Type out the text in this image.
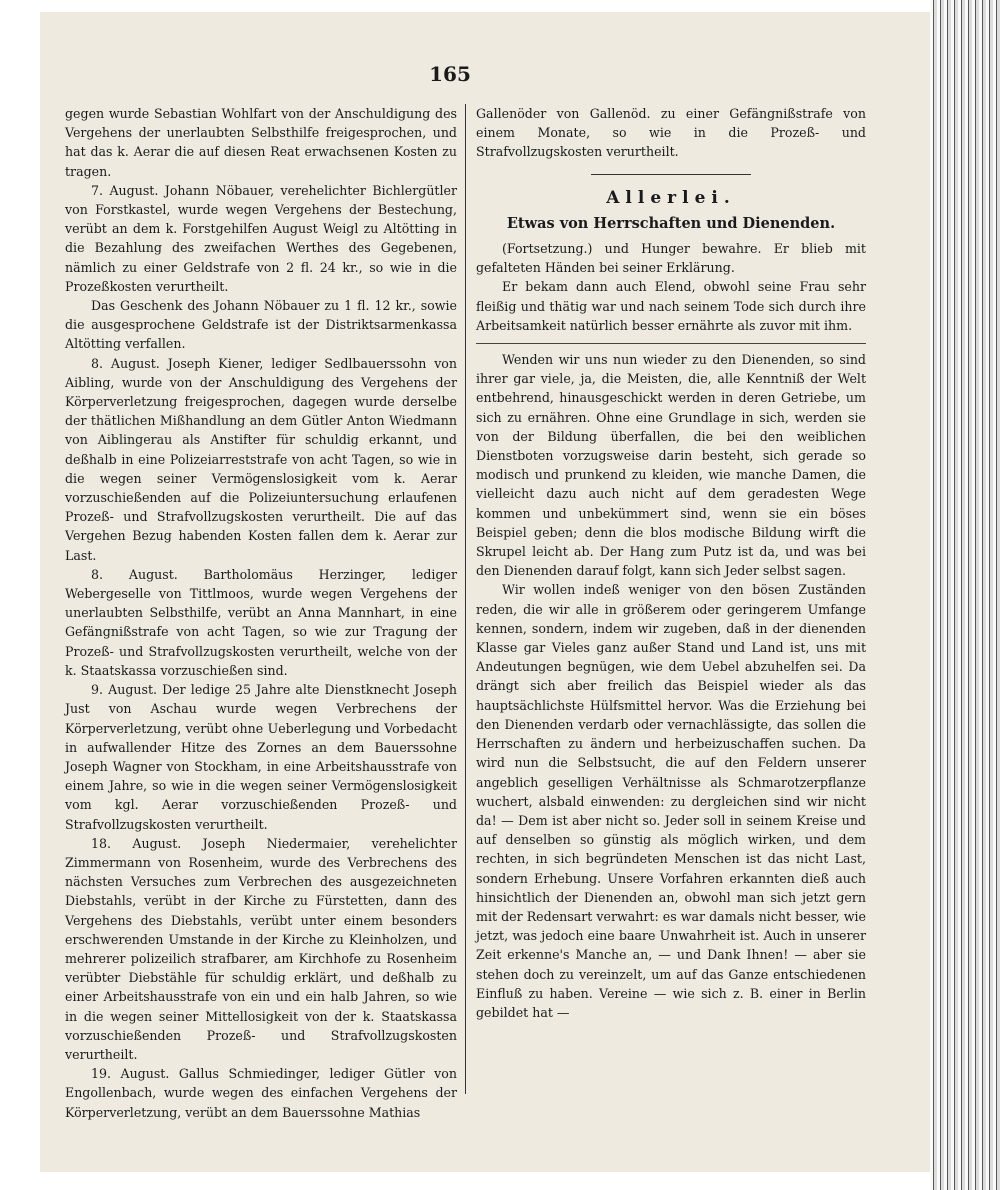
165

gegen wurde Sebastian Wohlfart von der Anschuldigung des Vergehens der unerlaubten Selbsthilfe freigesprochen, und hat das k. Aerar die auf diesen Reat erwachsenen Kosten zu tragen.

7. August. Johann Nöbauer, verehelichter Bichlergütler von Forstkastel, wurde wegen Vergehens der Bestechung, verübt an dem k. Forstgehilfen August Weigl zu Altötting in die Bezahlung des zweifachen Werthes des Gegebenen, nämlich zu einer Geldstrafe von 2 fl. 24 kr., so wie in die Prozeßkosten verurtheilt.

Das Geschenk des Johann Nöbauer zu 1 fl. 12 kr., sowie die ausgesprochene Geldstrafe ist der Distriktsarmenkassa Altötting verfallen.

8. August. Joseph Kiener, lediger Sedlbauerssohn von Aibling, wurde von der Anschuldigung des Vergehens der Körperverletzung freigesprochen, dagegen wurde derselbe der thätlichen Mißhandlung an dem Gütler Anton Wiedmann von Aiblingerau als Anstifter für schuldig erkannt, und deßhalb in eine Polizeiarreststrafe von acht Tagen, so wie in die wegen seiner Vermögenslosigkeit vom k. Aerar vorzuschießenden auf die Polizeiuntersuchung erlaufenen Prozeß- und Strafvollzugskosten verurtheilt. Die auf das Vergehen Bezug habenden Kosten fallen dem k. Aerar zur Last.

8. August. Bartholomäus Herzinger, lediger Webergeselle von Tittlmoos, wurde wegen Vergehens der unerlaubten Selbsthilfe, verübt an Anna Mannhart, in eine Gefängnißstrafe von acht Tagen, so wie zur Tragung der Prozeß- und Strafvollzugskosten verurtheilt, welche von der k. Staatskassa vorzuschießen sind.

9. August. Der ledige 25 Jahre alte Dienstknecht Joseph Just von Aschau wurde wegen Verbrechens der Körperverletzung, verübt ohne Ueberlegung und Vorbedacht in aufwallender Hitze des Zornes an dem Bauerssohne Joseph Wagner von Stockham, in eine Arbeitshausstrafe von einem Jahre, so wie in die wegen seiner Vermögenslosigkeit vom kgl. Aerar vorzuschießenden Prozeß- und Strafvollzugskosten verurtheilt.

18. August. Joseph Niedermaier, verehelichter Zimmermann von Rosenheim, wurde des Verbrechens des nächsten Versuches zum Verbrechen des ausgezeichneten Diebstahls, verübt in der Kirche zu Fürstetten, dann des Vergehens des Diebstahls, verübt unter einem besonders erschwerenden Umstande in der Kirche zu Kleinholzen, und mehrerer polizeilich strafbarer, am Kirchhofe zu Rosenheim verübter Diebstähle für schuldig erklärt, und deßhalb zu einer Arbeitshausstrafe von ein und ein halb Jahren, so wie in die wegen seiner Mittellosigkeit von der k. Staatskassa vorzuschießenden Prozeß- und Strafvollzugskosten verurtheilt.

19. August. Gallus Schmiedinger, lediger Gütler von Engollenbach, wurde wegen des einfachen Vergehens der Körperverletzung, verübt an dem Bauerssohne Mathias

Gallenöder von Gallenöd. zu einer Gefängnißstrafe von einem Monate, so wie in die Prozeß- und Strafvollzugskosten verurtheilt.

Allerlei.
Etwas von Herrschaften und Dienenden.

(Fortsetzung.) und Hunger bewahre. Er blieb mit gefalteten Händen bei seiner Erklärung.

Er bekam dann auch Elend, obwohl seine Frau sehr fleißig und thätig war und nach seinem Tode sich durch ihre Arbeitsamkeit natürlich besser ernährte als zuvor mit ihm.

Wenden wir uns nun wieder zu den Dienenden, so sind ihrer gar viele, ja, die Meisten, die, alle Kenntniß der Welt entbehrend, hinausgeschickt werden in deren Getriebe, um sich zu ernähren. Ohne eine Grundlage in sich, werden sie von der Bildung überfallen, die bei den weiblichen Dienstboten vorzugsweise darin besteht, sich gerade so modisch und prunkend zu kleiden, wie manche Damen, die vielleicht dazu auch nicht auf dem geradesten Wege kommen und unbekümmert sind, wenn sie ein böses Beispiel geben; denn die blos modische Bildung wirft die Skrupel leicht ab. Der Hang zum Putz ist da, und was bei den Dienenden darauf folgt, kann sich Jeder selbst sagen.

Wir wollen indeß weniger von den bösen Zuständen reden, die wir alle in größerem oder geringerem Umfange kennen, sondern, indem wir zugeben, daß in der dienenden Klasse gar Vieles ganz außer Stand und Land ist, uns mit Andeutungen begnügen, wie dem Uebel abzuhelfen sei. Da drängt sich aber freilich das Beispiel wieder als das hauptsächlichste Hülfsmittel hervor. Was die Erziehung bei den Dienenden verdarb oder vernachlässigte, das sollen die Herrschaften zu ändern und herbeizuschaffen suchen. Da wird nun die Selbstsucht, die auf den Feldern unserer angeblich geselligen Verhältnisse als Schmarotzerpflanze wuchert, alsbald einwenden: zu dergleichen sind wir nicht da! — Dem ist aber nicht so. Jeder soll in seinem Kreise und auf denselben so günstig als möglich wirken, und dem rechten, in sich begründeten Menschen ist das nicht Last, sondern Erhebung. Unsere Vorfahren erkannten dieß auch hinsichtlich der Dienenden an, obwohl man sich jetzt gern mit der Redensart verwahrt: es war damals nicht besser, wie jetzt, was jedoch eine baare Unwahrheit ist. Auch in unserer Zeit erkenne's Manche an, — und Dank Ihnen! — aber sie stehen doch zu vereinzelt, um auf das Ganze entschiedenen Einfluß zu haben. Vereine — wie sich z. B. einer in Berlin gebildet hat —
